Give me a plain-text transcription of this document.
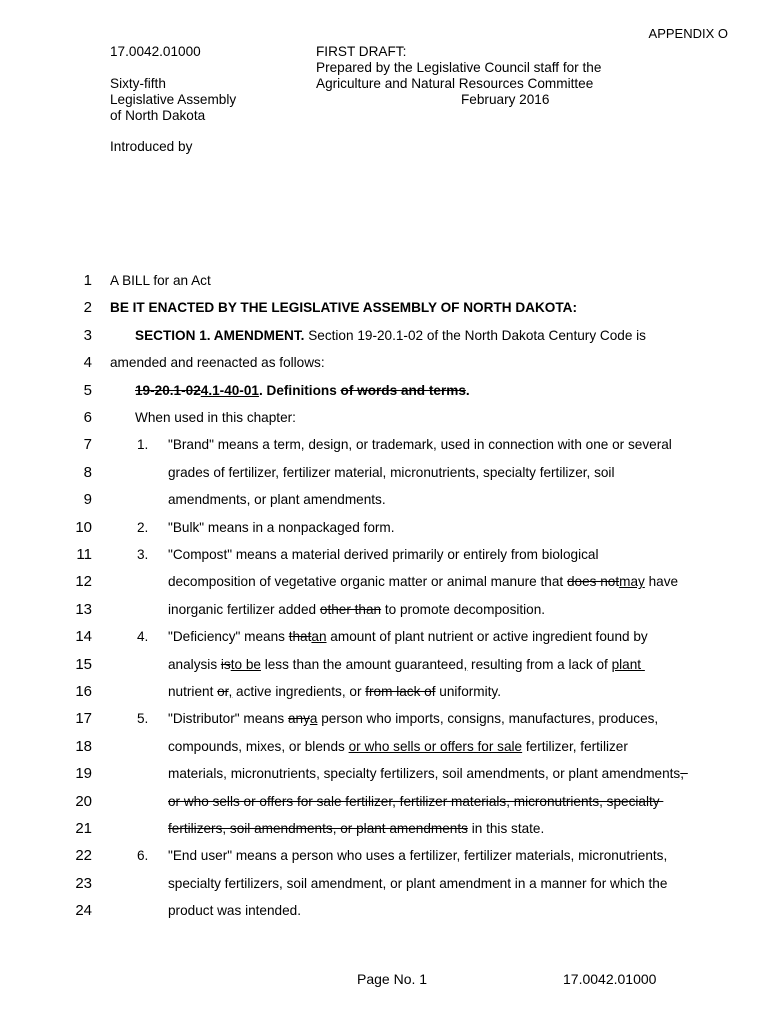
APPENDIX O
17.0042.01000
Sixty-fifth
Legislative Assembly
of North Dakota
FIRST DRAFT:
Prepared by the Legislative Council staff for the
Agriculture and Natural Resources Committee
February 2016
Introduced by
1 A BILL for an Act
2 BE IT ENACTED BY THE LEGISLATIVE ASSEMBLY OF NORTH DAKOTA:
3	SECTION 1. AMENDMENT. Section 19-20.1-02 of the North Dakota Century Code is
4 amended and reenacted as follows:
5	19-20.1-024.1-40-01. Definitions of words and terms.
6	When used in this chapter:
7	1. "Brand" means a term, design, or trademark, used in connection with one or several
8	grades of fertilizer, fertilizer material, micronutrients, specialty fertilizer, soil
9	amendments, or plant amendments.
10	2. "Bulk" means in a nonpackaged form.
11	3. "Compost" means a material derived primarily or entirely from biological
12	decomposition of vegetative organic matter or animal manure that does notmay have
13	inorganic fertilizer added other than to promote decomposition.
14	4. "Deficiency" means thatan amount of plant nutrient or active ingredient found by
15	analysis isto be less than the amount guaranteed, resulting from a lack of plant
16	nutrient or, active ingredients, or from lack of uniformity.
17	5. "Distributor" means anya person who imports, consigns, manufactures, produces,
18	compounds, mixes, or blends or who sells or offers for sale fertilizer, fertilizer
19	materials, micronutrients, specialty fertilizers, soil amendments, or plant amendments,
20	or who sells or offers for sale fertilizer, fertilizer materials, micronutrients, specialty
21	fertilizers, soil amendments, or plant amendments in this state.
22	6. "End user" means a person who uses a fertilizer, fertilizer materials, micronutrients,
23	specialty fertilizers, soil amendment, or plant amendment in a manner for which the
24	product was intended.
Page No. 1	17.0042.01000
